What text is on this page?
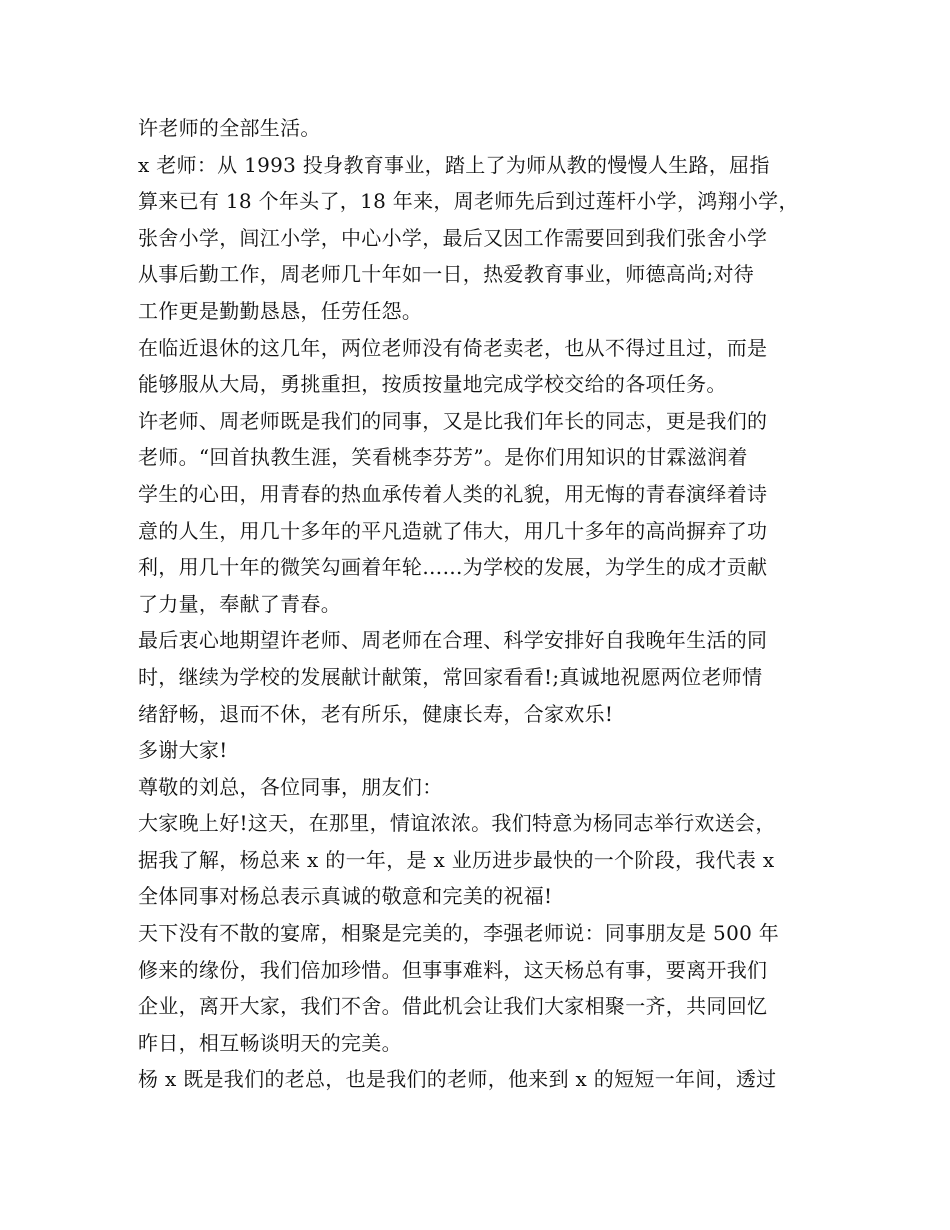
许老师的全部生活。
x 老师：从 1993 投身教育事业，踏上了为师从教的慢慢人生路，屈指
算来已有 18 个年头了，18 年来，周老师先后到过莲杆小学，鸿翔小学，
张舍小学，闾江小学，中心小学，最后又因工作需要回到我们张舍小学
从事后勤工作，周老师几十年如一日，热爱教育事业，师德高尚;对待
工作更是勤勤恳恳，任劳任怨。
在临近退休的这几年，两位老师没有倚老卖老，也从不得过且过，而是
能够服从大局，勇挑重担，按质按量地完成学校交给的各项任务。
许老师、周老师既是我们的同事，又是比我们年长的同志，更是我们的
老师。“回首执教生涯，笑看桃李芬芳”。是你们用知识的甘霖滋润着
学生的心田，用青春的热血承传着人类的礼貌，用无悔的青春演绎着诗
意的人生，用几十多年的平凡造就了伟大，用几十多年的高尚摒弃了功
利，用几十年的微笑勾画着年轮……为学校的发展，为学生的成才贡献
了力量，奉献了青春。
最后衷心地期望许老师、周老师在合理、科学安排好自我晚年生活的同
时，继续为学校的发展献计献策，常回家看看!;真诚地祝愿两位老师情
绪舒畅，退而不休，老有所乐，健康长寿，合家欢乐!
多谢大家!
尊敬的刘总，各位同事，朋友们：
大家晚上好!这天，在那里，情谊浓浓。我们特意为杨同志举行欢送会，
据我了解，杨总来 x 的一年，是 x 业历进步最快的一个阶段，我代表 x
全体同事对杨总表示真诚的敬意和完美的祝福!
天下没有不散的宴席，相聚是完美的，李强老师说：同事朋友是 500 年
修来的缘份，我们倍加珍惜。但事事难料，这天杨总有事，要离开我们
企业，离开大家，我们不舍。借此机会让我们大家相聚一齐，共同回忆
昨日，相互畅谈明天的完美。
杨 x 既是我们的老总，也是我们的老师，他来到 x 的短短一年间，透过
